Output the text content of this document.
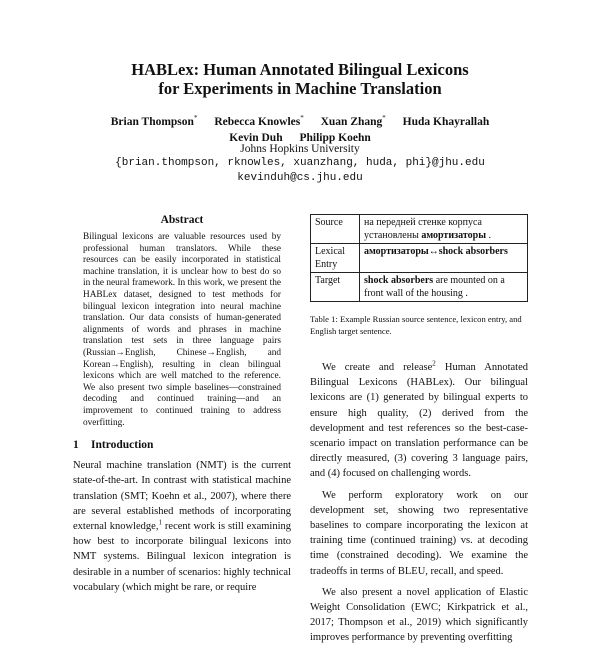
HABLex: Human Annotated Bilingual Lexicons
for Experiments in Machine Translation
Brian Thompson* Rebecca Knowles* Xuan Zhang* Huda Khayrallah
Kevin Duh Philipp Koehn
Johns Hopkins University
{brian.thompson, rknowles, xuanzhang, huda, phi}@jhu.edu
kevinduh@cs.jhu.edu
Abstract
Bilingual lexicons are valuable resources used by professional human translators. While these resources can be easily incorporated in statistical machine translation, it is unclear how to best do so in the neural framework. In this work, we present the HABLex dataset, designed to test methods for bilingual lexicon integration into neural machine translation. Our data consists of human-generated alignments of words and phrases in machine translation test sets in three language pairs (Russian→English, Chinese→English, and Korean→English), resulting in clean bilingual lexicons which are well matched to the reference. We also present two simple baselines—constrained decoding and continued training—and an improvement to continued training to address overfitting.
1 Introduction

Neural machine translation (NMT) is the current state-of-the-art. In contrast with statistical machine translation (SMT; Koehn et al., 2007), where there are several established methods of incorporating external knowledge,$^1$ recent work is still examining how best to incorporate bilingual lexicons into NMT systems. Bilingual lexicon integration is desirable in a number of scenarios: highly technical vocabulary (which might be rare, or require

Source	на передней стенке корпуса установлены амортизаторы .
Lexical Entry	амортизаторы↔shock absorbers
Target	shock absorbers are mounted on a front wall of the housing .
Table 1: Example Russian source sentence, lexicon entry, and English target sentence.

We create and release$^2$ Human Annotated Bilingual Lexicons (HABLex). Our bilingual lexicons are (1) generated by bilingual experts to ensure high quality, (2) derived from the development and test references so the best-case-scenario impact on translation performance can be directly measured, (3) covering 3 language pairs, and (4) focused on challenging words.

We perform exploratory work on our development set, showing two representative baselines to compare incorporating the lexicon at training time (continued training) vs. at decoding time (constrained decoding). We examine the tradeoffs in terms of BLEU, recall, and speed.

We also present a novel application of Elastic Weight Consolidation (EWC; Kirkpatrick et al., 2017; Thompson et al., 2019) which significantly improves performance by preventing overfitting
